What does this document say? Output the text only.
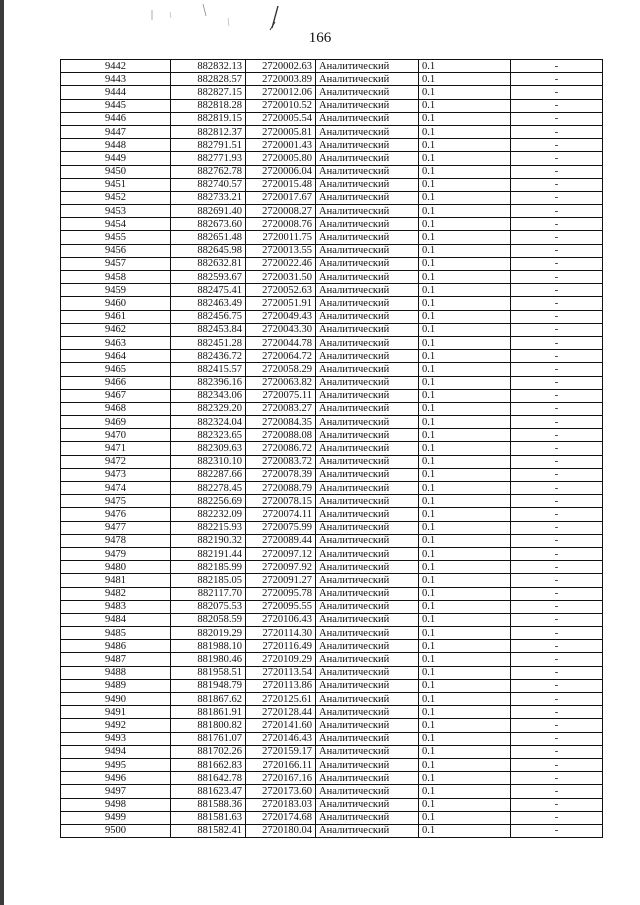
166
9442	882832.13	2720002.63	Аналитический	0.1	-
9443	882828.57	2720003.89	Аналитический	0.1	-
9444	882827.15	2720012.06	Аналитический	0.1	-
9445	882818.28	2720010.52	Аналитический	0.1	-
9446	882819.15	2720005.54	Аналитический	0.1	-
9447	882812.37	2720005.81	Аналитический	0.1	-
9448	882791.51	2720001.43	Аналитический	0.1	-
9449	882771.93	2720005.80	Аналитический	0.1	-
9450	882762.78	2720006.04	Аналитический	0.1	-
9451	882740.57	2720015.48	Аналитический	0.1	-
9452	882733.21	2720017.67	Аналитический	0.1	-
9453	882691.40	2720008.27	Аналитический	0.1	-
9454	882673.60	2720008.76	Аналитический	0.1	-
9455	882651.48	2720011.75	Аналитический	0.1	-
9456	882645.98	2720013.55	Аналитический	0.1	-
9457	882632.81	2720022.46	Аналитический	0.1	-
9458	882593.67	2720031.50	Аналитический	0.1	-
9459	882475.41	2720052.63	Аналитический	0.1	-
9460	882463.49	2720051.91	Аналитический	0.1	-
9461	882456.75	2720049.43	Аналитический	0.1	-
9462	882453.84	2720043.30	Аналитический	0.1	-
9463	882451.28	2720044.78	Аналитический	0.1	-
9464	882436.72	2720064.72	Аналитический	0.1	-
9465	882415.57	2720058.29	Аналитический	0.1	-
9466	882396.16	2720063.82	Аналитический	0.1	-
9467	882343.06	2720075.11	Аналитический	0.1	-
9468	882329.20	2720083.27	Аналитический	0.1	-
9469	882324.04	2720084.35	Аналитический	0.1	-
9470	882323.65	2720088.08	Аналитический	0.1	-
9471	882309.63	2720086.72	Аналитический	0.1	-
9472	882310.10	2720083.72	Аналитический	0.1	-
9473	882287.66	2720078.39	Аналитический	0.1	-
9474	882278.45	2720088.79	Аналитический	0.1	-
9475	882256.69	2720078.15	Аналитический	0.1	-
9476	882232.09	2720074.11	Аналитический	0.1	-
9477	882215.93	2720075.99	Аналитический	0.1	-
9478	882190.32	2720089.44	Аналитический	0.1	-
9479	882191.44	2720097.12	Аналитический	0.1	-
9480	882185.99	2720097.92	Аналитический	0.1	-
9481	882185.05	2720091.27	Аналитический	0.1	-
9482	882117.70	2720095.78	Аналитический	0.1	-
9483	882075.53	2720095.55	Аналитический	0.1	-
9484	882058.59	2720106.43	Аналитический	0.1	-
9485	882019.29	2720114.30	Аналитический	0.1	-
9486	881988.10	2720116.49	Аналитический	0.1	-
9487	881980.46	2720109.29	Аналитический	0.1	-
9488	881958.51	2720113.54	Аналитический	0.1	-
9489	881948.79	2720113.86	Аналитический	0.1	-
9490	881867.62	2720125.61	Аналитический	0.1	-
9491	881861.91	2720128.44	Аналитический	0.1	-
9492	881800.82	2720141.60	Аналитический	0.1	-
9493	881761.07	2720146.43	Аналитический	0.1	-
9494	881702.26	2720159.17	Аналитический	0.1	-
9495	881662.83	2720166.11	Аналитический	0.1	-
9496	881642.78	2720167.16	Аналитический	0.1	-
9497	881623.47	2720173.60	Аналитический	0.1	-
9498	881588.36	2720183.03	Аналитический	0.1	-
9499	881581.63	2720174.68	Аналитический	0.1	-
9500	881582.41	2720180.04	Аналитический	0.1	-
